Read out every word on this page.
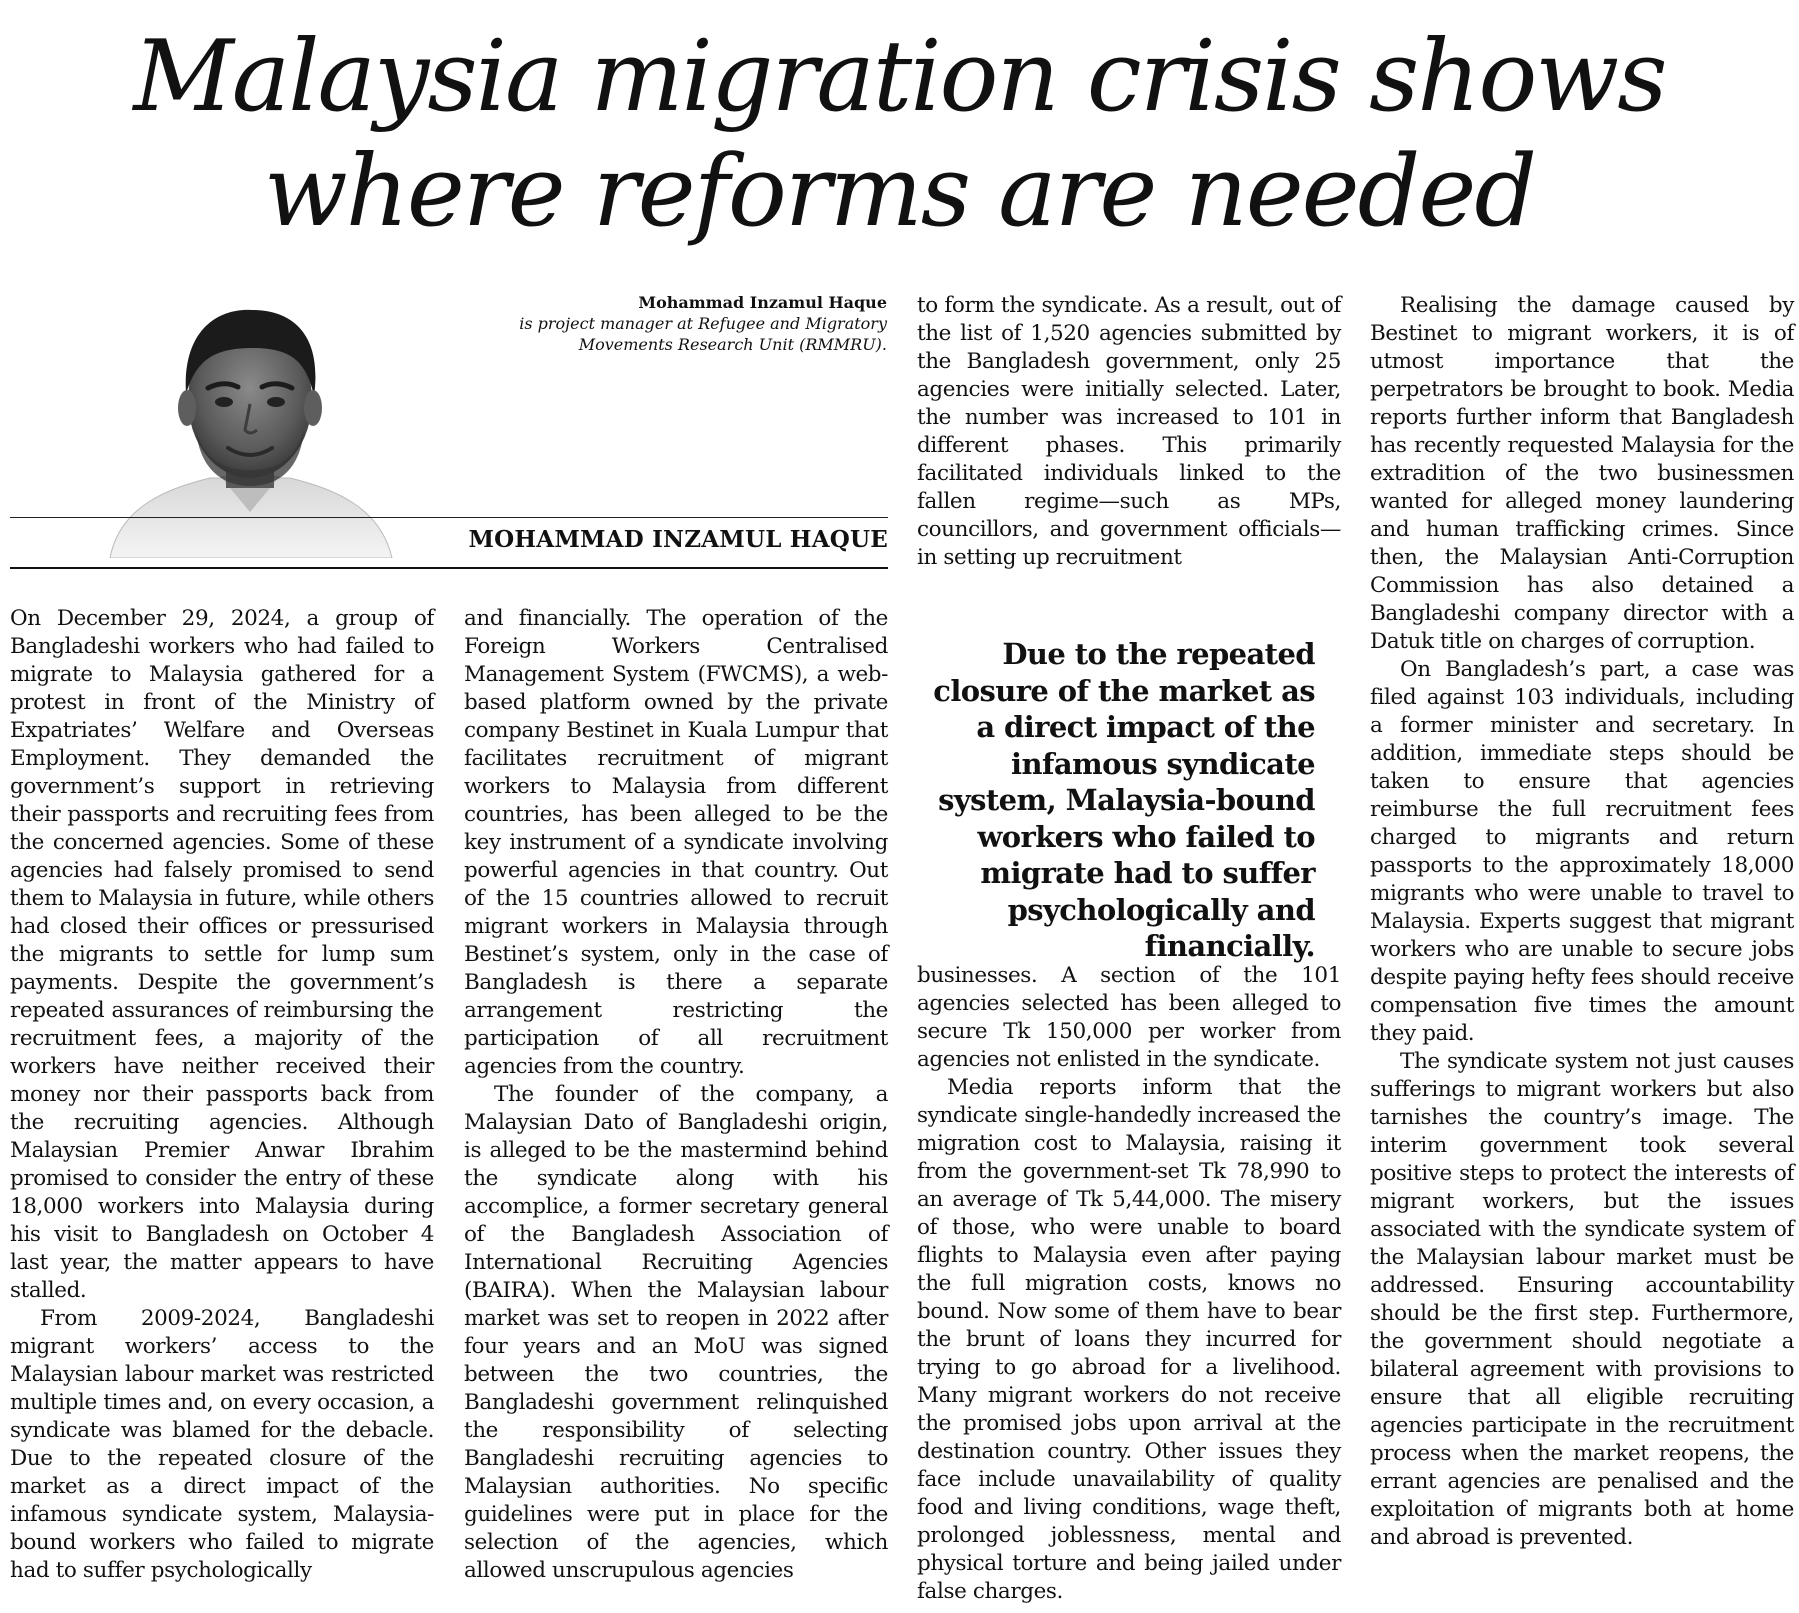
Malaysia migration crisis shows
where reforms are needed
Mohammad Inzamul Haque
is project manager at Refugee and Migratory
Movements Research Unit (RMMRU).
MOHAMMAD INZAMUL HAQUE

On December 29, 2024, a group of Bangladeshi workers who had failed to migrate to Malaysia gathered for a protest in front of the Ministry of Expatriates’ Welfare and Overseas Employment. They demanded the government’s support in retrieving their passports and recruiting fees from the concerned agencies. Some of these agencies had falsely promised to send them to Malaysia in future, while others had closed their offices or pressurised the migrants to settle for lump sum payments. Despite the government’s repeated assurances of reimbursing the recruitment fees, a majority of the workers have neither received their money nor their passports back from the recruiting agencies. Although Malaysian Premier Anwar Ibrahim promised to consider the entry of these 18,000 workers into Malaysia during his visit to Bangladesh on October 4 last year, the matter appears to have stalled.

From 2009-2024, Bangladeshi migrant workers’ access to the Malaysian labour market was restricted multiple times and, on every occasion, a syndicate was blamed for the debacle. Due to the repeated closure of the market as a direct impact of the infamous syndicate system, Malaysia-bound workers who failed to migrate had to suffer psychologically

and financially. The operation of the Foreign Workers Centralised Management System (FWCMS), a web-based platform owned by the private company Bestinet in Kuala Lumpur that facilitates recruitment of migrant workers to Malaysia from different countries, has been alleged to be the key instrument of a syndicate involving powerful agencies in that country. Out of the 15 countries allowed to recruit migrant workers in Malaysia through Bestinet’s system, only in the case of Bangladesh is there a separate arrangement restricting the participation of all recruitment agencies from the country.

The founder of the company, a Malaysian Dato of Bangladeshi origin, is alleged to be the mastermind behind the syndicate along with his accomplice, a former secretary general of the Bangladesh Association of International Recruiting Agencies (BAIRA). When the Malaysian labour market was set to reopen in 2022 after four years and an MoU was signed between the two countries, the Bangladeshi government relinquished the responsibility of selecting Bangladeshi recruiting agencies to Malaysian authorities. No specific guidelines were put in place for the selection of the agencies, which allowed unscrupulous agencies

to form the syndicate. As a result, out of the list of 1,520 agencies submitted by the Bangladesh government, only 25 agencies were initially selected. Later, the number was increased to 101 in different phases. This primarily facilitated individuals linked to the fallen regime—such as MPs, councillors, and government officials—in setting up recruitment

Due to the repeated closure of the market as a direct impact of the infamous syndicate system, Malaysia-bound workers who failed to migrate had to suffer psychologically and financially.

businesses. A section of the 101 agencies selected has been alleged to secure Tk 150,000 per worker from agencies not enlisted in the syndicate.

Media reports inform that the syndicate single-handedly increased the migration cost to Malaysia, raising it from the government-set Tk 78,990 to an average of Tk 5,44,000. The misery of those, who were unable to board flights to Malaysia even after paying the full migration costs, knows no bound. Now some of them have to bear the brunt of loans they incurred for trying to go abroad for a livelihood. Many migrant workers do not receive the promised jobs upon arrival at the destination country. Other issues they face include unavailability of quality food and living conditions, wage theft, prolonged joblessness, mental and physical torture and being jailed under false charges.

Realising the damage caused by Bestinet to migrant workers, it is of utmost importance that the perpetrators be brought to book. Media reports further inform that Bangladesh has recently requested Malaysia for the extradition of the two businessmen wanted for alleged money laundering and human trafficking crimes. Since then, the Malaysian Anti-Corruption Commission has also detained a Bangladeshi company director with a Datuk title on charges of corruption.

On Bangladesh’s part, a case was filed against 103 individuals, including a former minister and secretary. In addition, immediate steps should be taken to ensure that agencies reimburse the full recruitment fees charged to migrants and return passports to the approximately 18,000 migrants who were unable to travel to Malaysia. Experts suggest that migrant workers who are unable to secure jobs despite paying hefty fees should receive compensation five times the amount they paid.

The syndicate system not just causes sufferings to migrant workers but also tarnishes the country’s image. The interim government took several positive steps to protect the interests of migrant workers, but the issues associated with the syndicate system of the Malaysian labour market must be addressed. Ensuring accountability should be the first step. Furthermore, the government should negotiate a bilateral agreement with provisions to ensure that all eligible recruiting agencies participate in the recruitment process when the market reopens, the errant agencies are penalised and the exploitation of migrants both at home and abroad is prevented.
